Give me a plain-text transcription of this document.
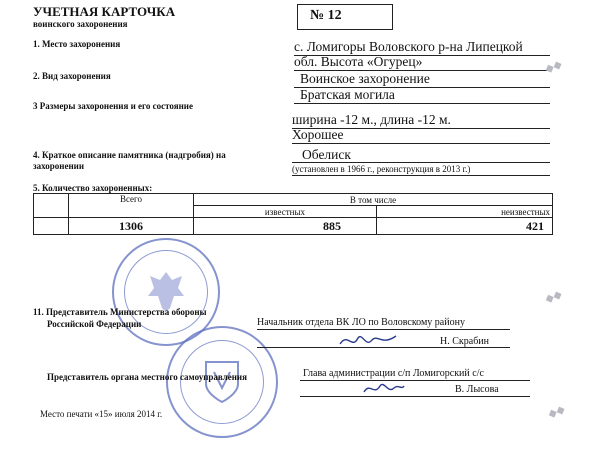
УЧЕТНАЯ КАРТОЧКА
воинского захоронения
№ 12
1. Место захоронения	с. Ломигоры Воловского р-на Липецкой
обл. Высота «Огурец»
2. Вид захоронения	Воинское захоронение
Братская могила
3 Размеры захоронения и его состояние
ширина -12 м., длина -12 м.
Хорошее
4. Краткое описание памятника (надгробия) на
захоронении
Обелиск
(установлен в 1966 г., реконструкция в 2013 г.)
5. Количество захороненных:
	Всего	В том числе	
		известных	неизвестных
	1306	885	421
11. Представитель Министерства обороны
Российской Федерации	Начальник отдела ВК ЛО по Воловскому району
Н. Скрабин
Представитель органа местного самоуправления	Глава администрации с/п Ломигорский с/с
В. Лысова
Место печати «15» июля 2014 г.
◆◆
◆◆
◆◆
